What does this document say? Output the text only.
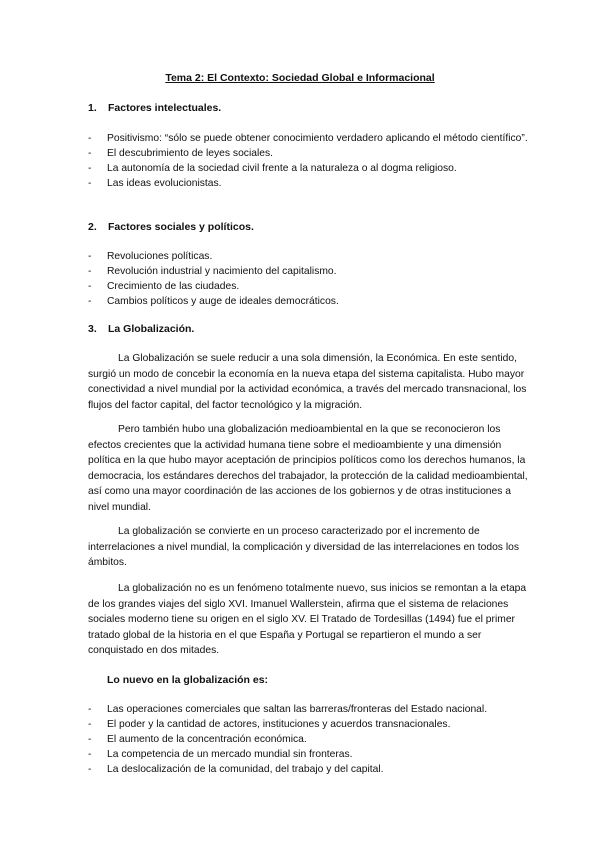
Tema 2: El Contexto: Sociedad Global e Informacional
1. Factores intelectuales.
- Positivismo: “sólo se puede obtener conocimiento verdadero aplicando el método científico”.
- El descubrimiento de leyes sociales.
- La autonomía de la sociedad civil frente a la naturaleza o al dogma religioso.
- Las ideas evolucionistas.
2. Factores sociales y políticos.
- Revoluciones políticas.
- Revolución industrial y nacimiento del capitalismo.
- Crecimiento de las ciudades.
- Cambios políticos y auge de ideales democráticos.
3. La Globalización.

La Globalización se suele reducir a una sola dimensión, la Económica. En este sentido, surgió un modo de concebir la economía en la nueva etapa del sistema capitalista. Hubo mayor conectividad a nivel mundial por la actividad económica, a través del mercado transnacional, los flujos del factor capital, del factor tecnológico y la migración.

Pero también hubo una globalización medioambiental en la que se reconocieron los efectos crecientes que la actividad humana tiene sobre el medioambiente y una dimensión política en la que hubo mayor aceptación de principios políticos como los derechos humanos, la democracia, los estándares derechos del trabajador, la protección de la calidad medioambiental, así como una mayor coordinación de las acciones de los gobiernos y de otras instituciones a nivel mundial.

La globalización se convierte en un proceso caracterizado por el incremento de interrelaciones a nivel mundial, la complicación y diversidad de las interrelaciones en todos los ámbitos.

La globalización no es un fenómeno totalmente nuevo, sus inicios se remontan a la etapa de los grandes viajes del siglo XVI. Imanuel Wallerstein, afirma que el sistema de relaciones sociales moderno tiene su origen en el siglo XV. El Tratado de Tordesillas (1494) fue el primer tratado global de la historia en el que España y Portugal se repartieron el mundo a ser conquistado en dos mitades.

Lo nuevo en la globalización es:
- Las operaciones comerciales que saltan las barreras/fronteras del Estado nacional.
- El poder y la cantidad de actores, instituciones y acuerdos transnacionales.
- El aumento de la concentración económica.
- La competencia de un mercado mundial sin fronteras.
- La deslocalización de la comunidad, del trabajo y del capital.
